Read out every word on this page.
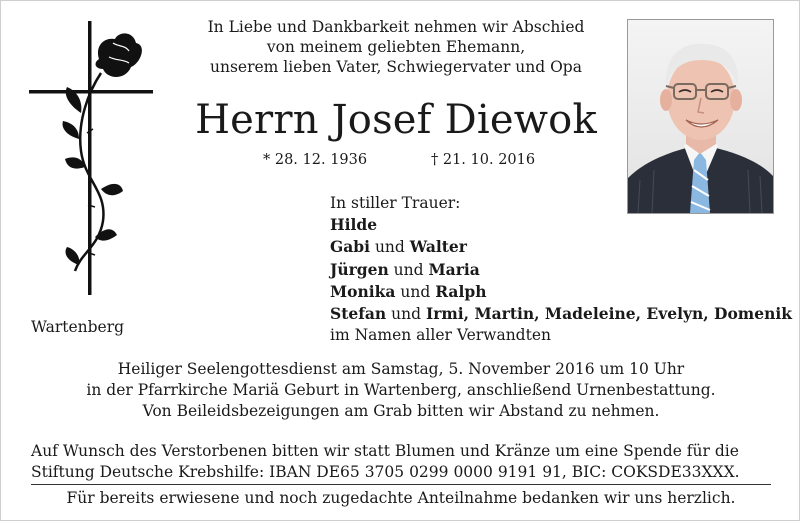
In Liebe und Dankbarkeit nehmen wir Abschied
von meinem geliebten Ehemann,
unserem lieben Vater, Schwiegervater und Opa
Herrn Josef Diewok
* 28. 12. 1936	† 21. 10. 2016
In stiller Trauer:
Hilde
Gabi und Walter
Jürgen und Maria
Monika und Ralph
Stefan und Irmi, Martin, Madeleine, Evelyn, Domenik
im Namen aller Verwandten
Wartenberg
Heiliger Seelengottesdienst am Samstag, 5. November 2016 um 10 Uhr
in der Pfarrkirche Mariä Geburt in Wartenberg, anschließend Urnenbestattung.
Von Beileidsbezeigungen am Grab bitten wir Abstand zu nehmen.
Auf Wunsch des Verstorbenen bitten wir statt Blumen und Kränze um eine Spende für die
Stiftung Deutsche Krebshilfe: IBAN DE65 3705 0299 0000 9191 91, BIC: COKSDE33XXX.
Für bereits erwiesene und noch zugedachte Anteilnahme bedanken wir uns herzlich.
